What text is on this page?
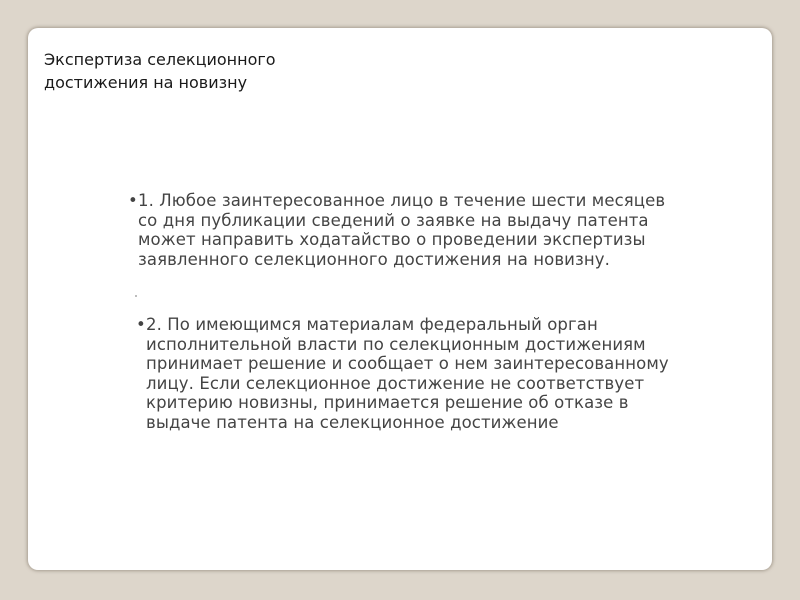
Экспертиза селекционного достижения на новизну
• 1. Любое заинтересованное лицо в течение шести месяцев со дня публикации сведений о заявке на выдачу патента может направить ходатайство о проведении экспертизы заявленного селекционного достижения на новизну.
• 2. По имеющимся материалам федеральный орган исполнительной власти по селекционным достижениям принимает решение и сообщает о нем заинтересованному лицу. Если селекционное достижение не соответствует критерию новизны, принимается решение об отказе в выдаче патента на селекционное достижение
